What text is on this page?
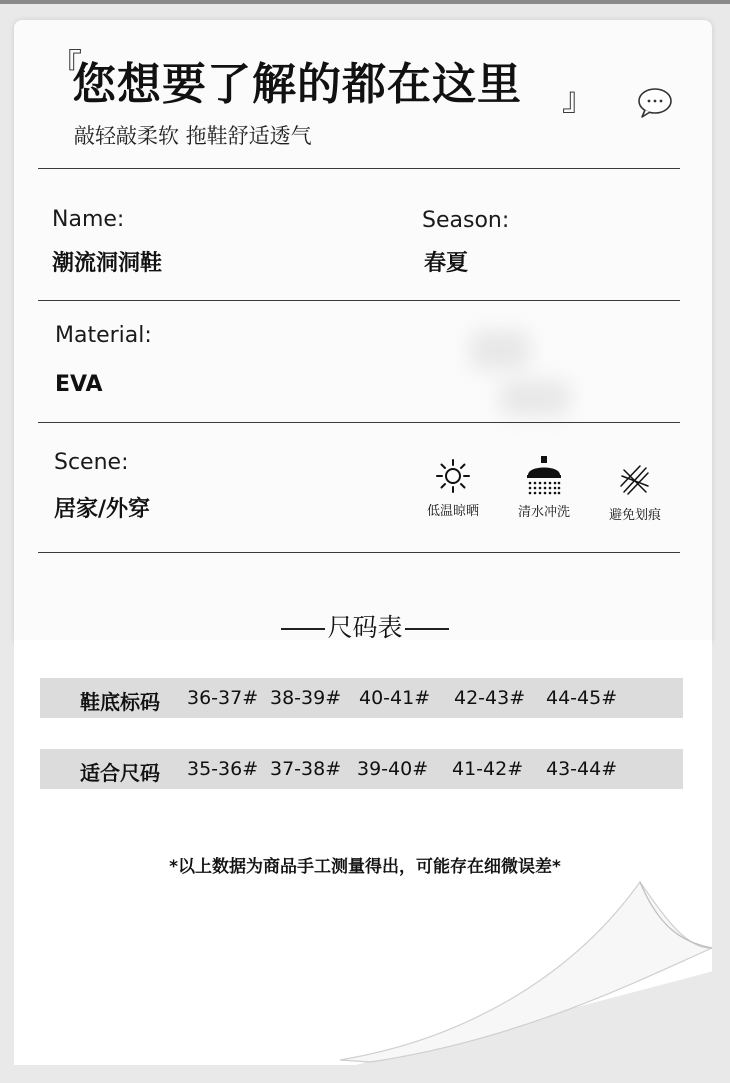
『
您想要了解的都在这里 』
敲轻敲柔软 拖鞋舒适透气
Name:
潮流洞洞鞋
Season:
春夏
Material:
EVA
Scene:
居家/外穿	低温晾晒	清水冲洗	避免划痕
尺码表
鞋底标码 36-37# 38-39# 40-41# 42-43# 44-45#
适合尺码 35-36# 37-38# 39-40# 41-42# 43-44#
*以上数据为商品手工测量得出，可能存在细微误差*
